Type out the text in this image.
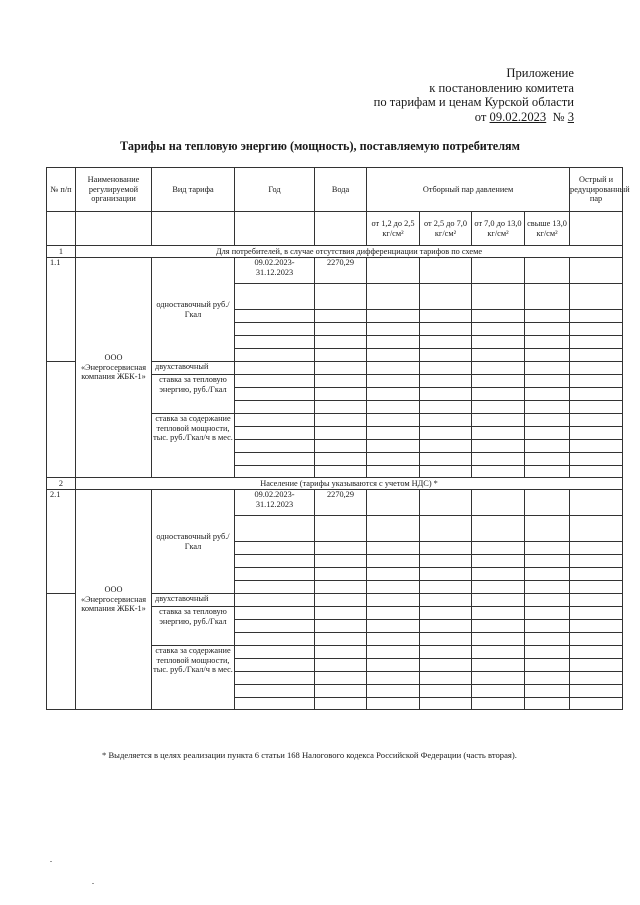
Приложение
к постановлению комитета
по тарифам и ценам Курской области
от 09.02.2023 № 3
Тарифы на тепловую энергию (мощность), поставляемую потребителям
№ п/п	Наименование регулируемой организации	Вид тарифа	Год	Вода	Отборный пар давлением				Острый и редуцированный пар
					от 1,2 до 2,5 кг/см²	от 2,5 до 7,0 кг/см²	от 7,0 до 13,0 кг/см²	свыше 13,0 кг/см²	
1	Для потребителей, в случае отсутствия дифференциации тарифов по схеме								
1.1	ООО «Энергосервисная компания ЖБК-1»	одноставочный руб./Гкал	09.02.2023- 31.12.2023	2270,29					

		двухставочный							
		ставка за тепловую энергию, руб./Гкал							

		ставка за содержание тепловой мощности, тыс. руб./Гкал/ч в мес.							

2	Население (тарифы указываются с учетом НДС) *								
2.1	ООО «Энергосервисная компания ЖБК-1»	одноставочный руб./Гкал	09.02.2023- 31.12.2023	2270,29					

		двухставочный							
		ставка за тепловую энергию, руб./Гкал							

		ставка за содержание тепловой мощности, тыс. руб./Гкал/ч в мес.							

* Выделяется в целях реализации пункта 6 статьи 168 Налогового кодекса Российской Федерации (часть вторая).
